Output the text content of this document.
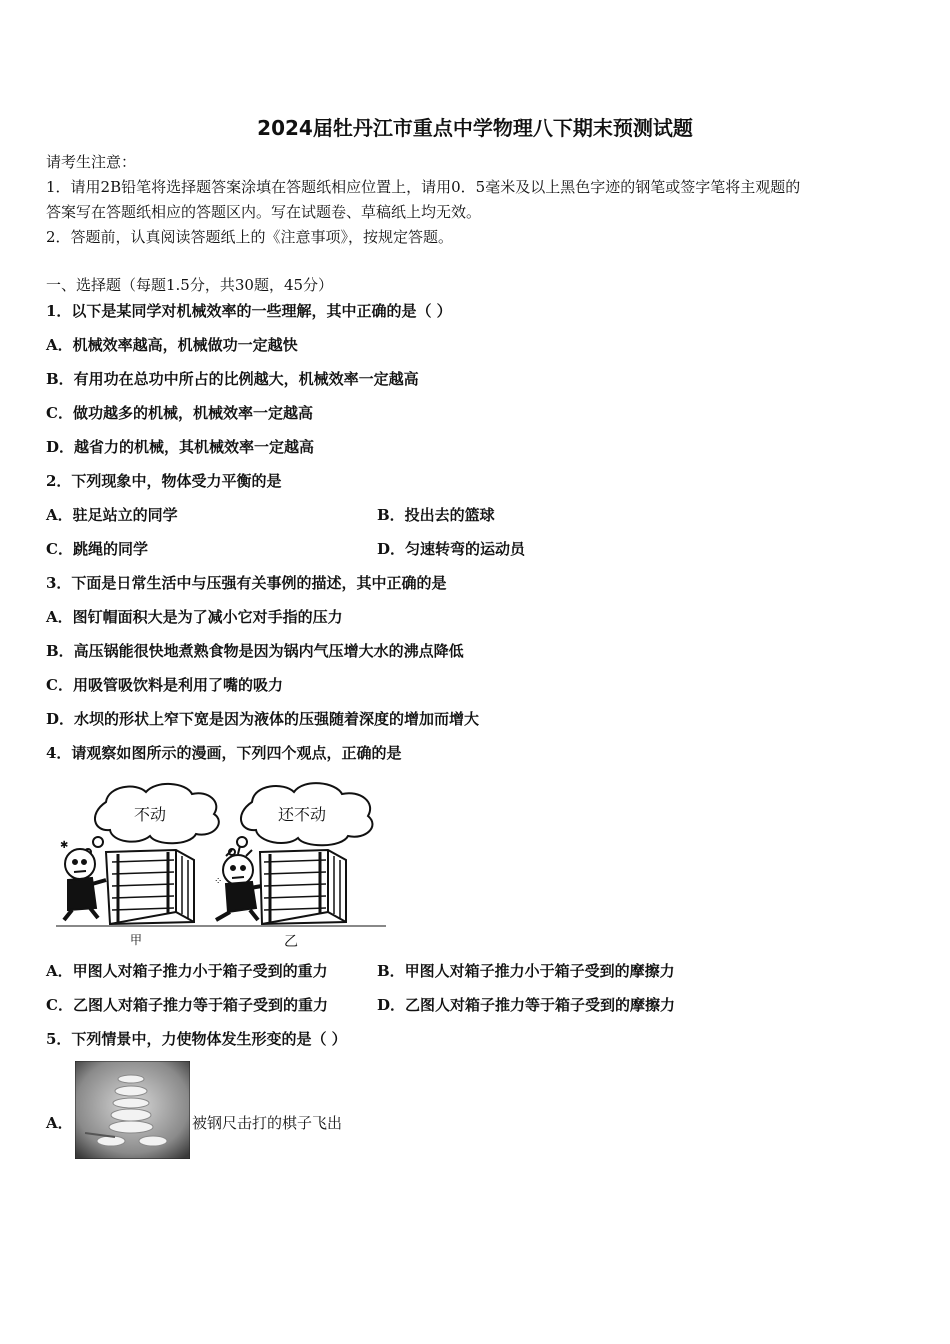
2024届牡丹江市重点中学物理八下期末预测试题
请考生注意：
1．请用2B铅笔将选择题答案涂填在答题纸相应位置上，请用0．5毫米及以上黑色字迹的钢笔或签字笔将主观题的
答案写在答题纸相应的答题区内。写在试题卷、草稿纸上均无效。
2．答题前，认真阅读答题纸上的《注意事项》，按规定答题。
一、选择题（每题1.5分，共30题，45分）
1．以下是某同学对机械效率的一些理解，其中正确的是（ ）
A．机械效率越高，机械做功一定越快
B．有用功在总功中所占的比例越大，机械效率一定越高
C．做功越多的机械，机械效率一定越高
D．越省力的机械，其机械效率一定越高
2．下列现象中，物体受力平衡的是
A．驻足站立的同学	B．投出去的篮球
C．跳绳的同学	D．匀速转弯的运动员
3．下面是日常生活中与压强有关事例的描述，其中正确的是
A．图钉帽面积大是为了减小它对手指的压力
B．高压锅能很快地煮熟食物是因为锅内气压增大水的沸点降低
C．用吸管吸饮料是利用了嘴的吸力
D．水坝的形状上窄下宽是因为液体的压强随着深度的增加而增大
4．请观察如图所示的漫画，下列四个观点，正确的是
不动	还不动
✱
⁘
甲	乙
A．甲图人对箱子推力小于箱子受到的重力	B．甲图人对箱子推力小于箱子受到的摩擦力
C．乙图人对箱子推力等于箱子受到的重力	D．乙图人对箱子推力等于箱子受到的摩擦力
5．下列情景中，力使物体发生形变的是（ ）
A．	被钢尺击打的棋子飞出
